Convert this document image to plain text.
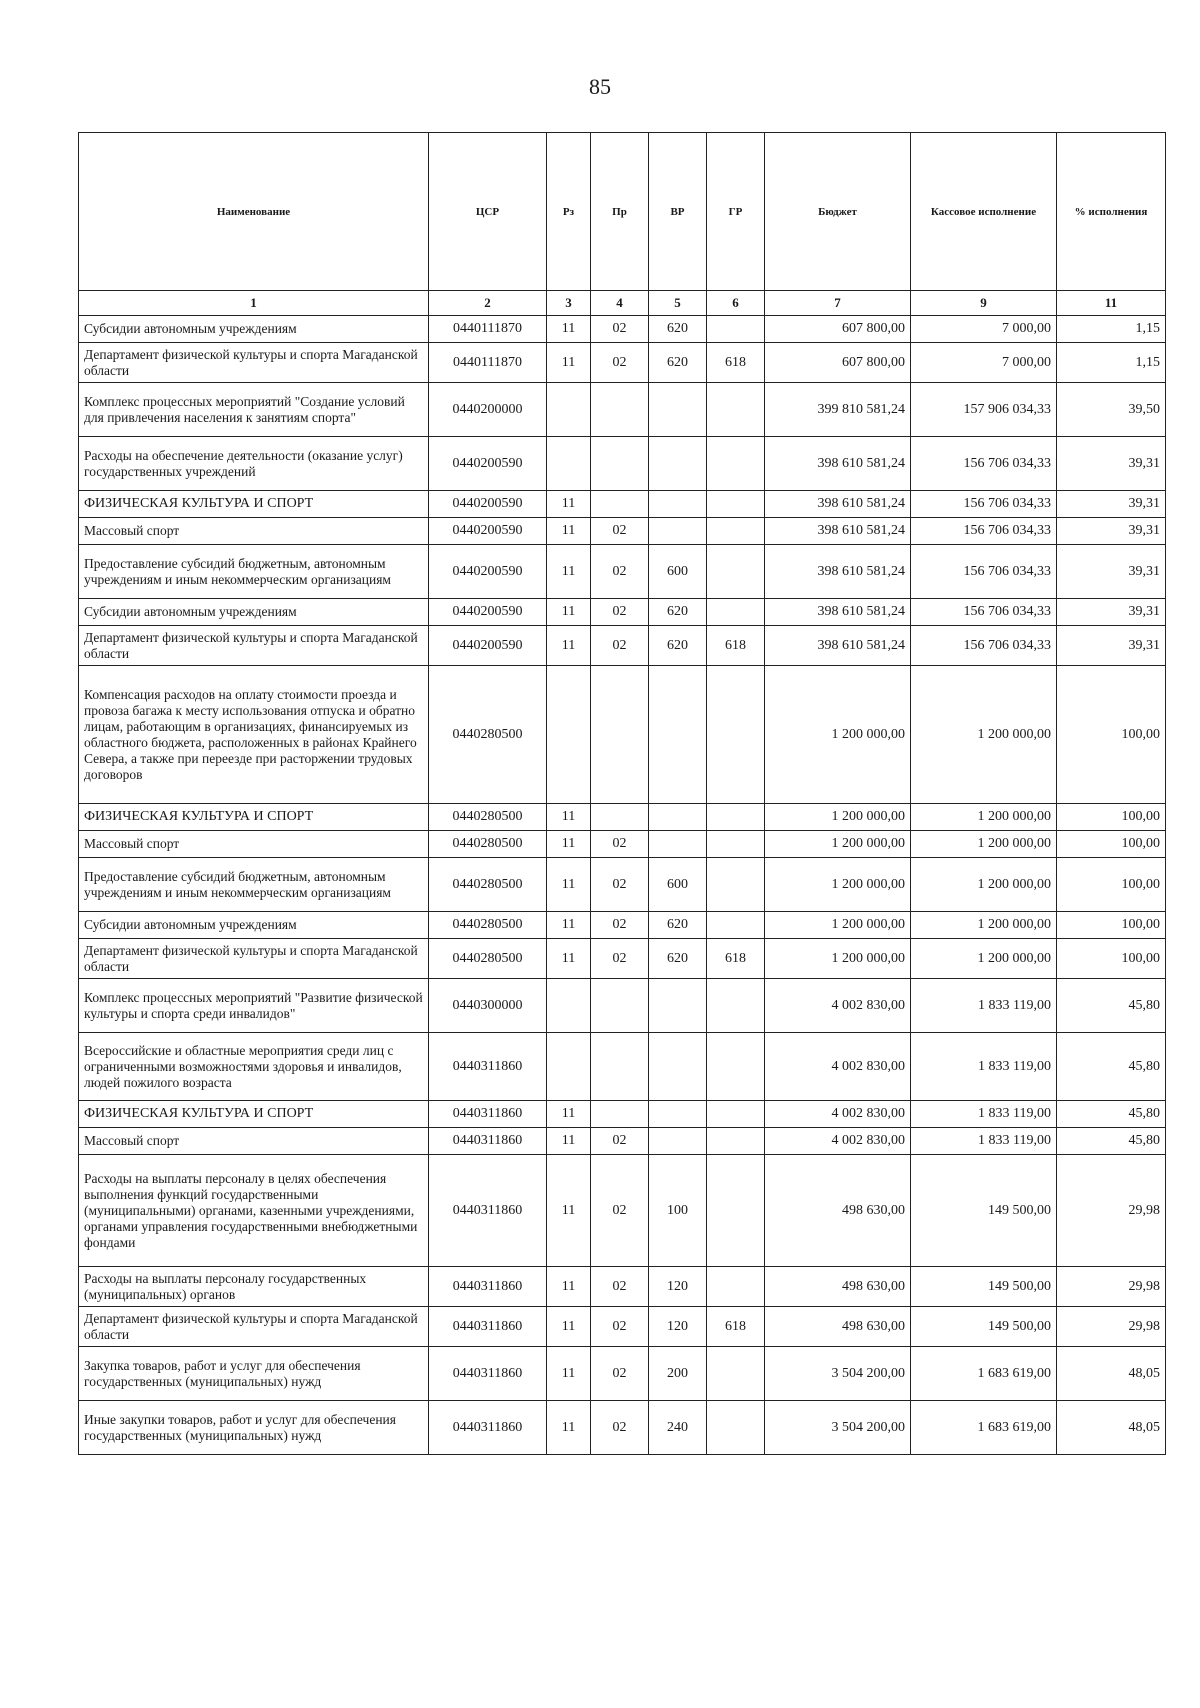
85
Наименование	ЦСР	Рз	Пр	ВР	ГР	Бюджет	Кассовое исполнение	% исполнения
1	2	3	4	5	6	7	9	11
Субсидии автономным учреждениям	0440111870	11	02	620		607 800,00	7 000,00	1,15
Департамент физической культуры и спорта Магаданской области	0440111870	11	02	620	618	607 800,00	7 000,00	1,15
Комплекс процессных мероприятий "Создание условий для привлечения населения к занятиям спорта"	0440200000					399 810 581,24	157 906 034,33	39,50
Расходы на обеспечение деятельности (оказание услуг) государственных учреждений	0440200590					398 610 581,24	156 706 034,33	39,31
ФИЗИЧЕСКАЯ КУЛЬТУРА И СПОРТ	0440200590	11				398 610 581,24	156 706 034,33	39,31
Массовый спорт	0440200590	11	02			398 610 581,24	156 706 034,33	39,31
Предоставление субсидий бюджетным, автономным учреждениям и иным некоммерческим организациям	0440200590	11	02	600		398 610 581,24	156 706 034,33	39,31
Субсидии автономным учреждениям	0440200590	11	02	620		398 610 581,24	156 706 034,33	39,31
Департамент физической культуры и спорта Магаданской области	0440200590	11	02	620	618	398 610 581,24	156 706 034,33	39,31
Компенсация расходов на оплату стоимости проезда и провоза багажа к месту использования отпуска и обратно лицам, работающим в организациях, финансируемых из областного бюджета, расположенных в районах Крайнего Севера, а также при переезде при расторжении трудовых договоров	0440280500					1 200 000,00	1 200 000,00	100,00
ФИЗИЧЕСКАЯ КУЛЬТУРА И СПОРТ	0440280500	11				1 200 000,00	1 200 000,00	100,00
Массовый спорт	0440280500	11	02			1 200 000,00	1 200 000,00	100,00
Предоставление субсидий бюджетным, автономным учреждениям и иным некоммерческим организациям	0440280500	11	02	600		1 200 000,00	1 200 000,00	100,00
Субсидии автономным учреждениям	0440280500	11	02	620		1 200 000,00	1 200 000,00	100,00
Департамент физической культуры и спорта Магаданской области	0440280500	11	02	620	618	1 200 000,00	1 200 000,00	100,00
Комплекс процессных мероприятий "Развитие физической культуры и спорта среди инвалидов"	0440300000					4 002 830,00	1 833 119,00	45,80
Всероссийские и областные мероприятия среди лиц с ограниченными возможностями здоровья и инвалидов, людей пожилого возраста	0440311860					4 002 830,00	1 833 119,00	45,80
ФИЗИЧЕСКАЯ КУЛЬТУРА И СПОРТ	0440311860	11				4 002 830,00	1 833 119,00	45,80
Массовый спорт	0440311860	11	02			4 002 830,00	1 833 119,00	45,80
Расходы на выплаты персоналу в целях обеспечения выполнения функций государственными (муниципальными) органами, казенными учреждениями, органами управления государственными внебюджетными фондами	0440311860	11	02	100		498 630,00	149 500,00	29,98
Расходы на выплаты персоналу государственных (муниципальных) органов	0440311860	11	02	120		498 630,00	149 500,00	29,98
Департамент физической культуры и спорта Магаданской области	0440311860	11	02	120	618	498 630,00	149 500,00	29,98
Закупка товаров, работ и услуг для обеспечения государственных (муниципальных) нужд	0440311860	11	02	200		3 504 200,00	1 683 619,00	48,05
Иные закупки товаров, работ и услуг для обеспечения государственных (муниципальных) нужд	0440311860	11	02	240		3 504 200,00	1 683 619,00	48,05
